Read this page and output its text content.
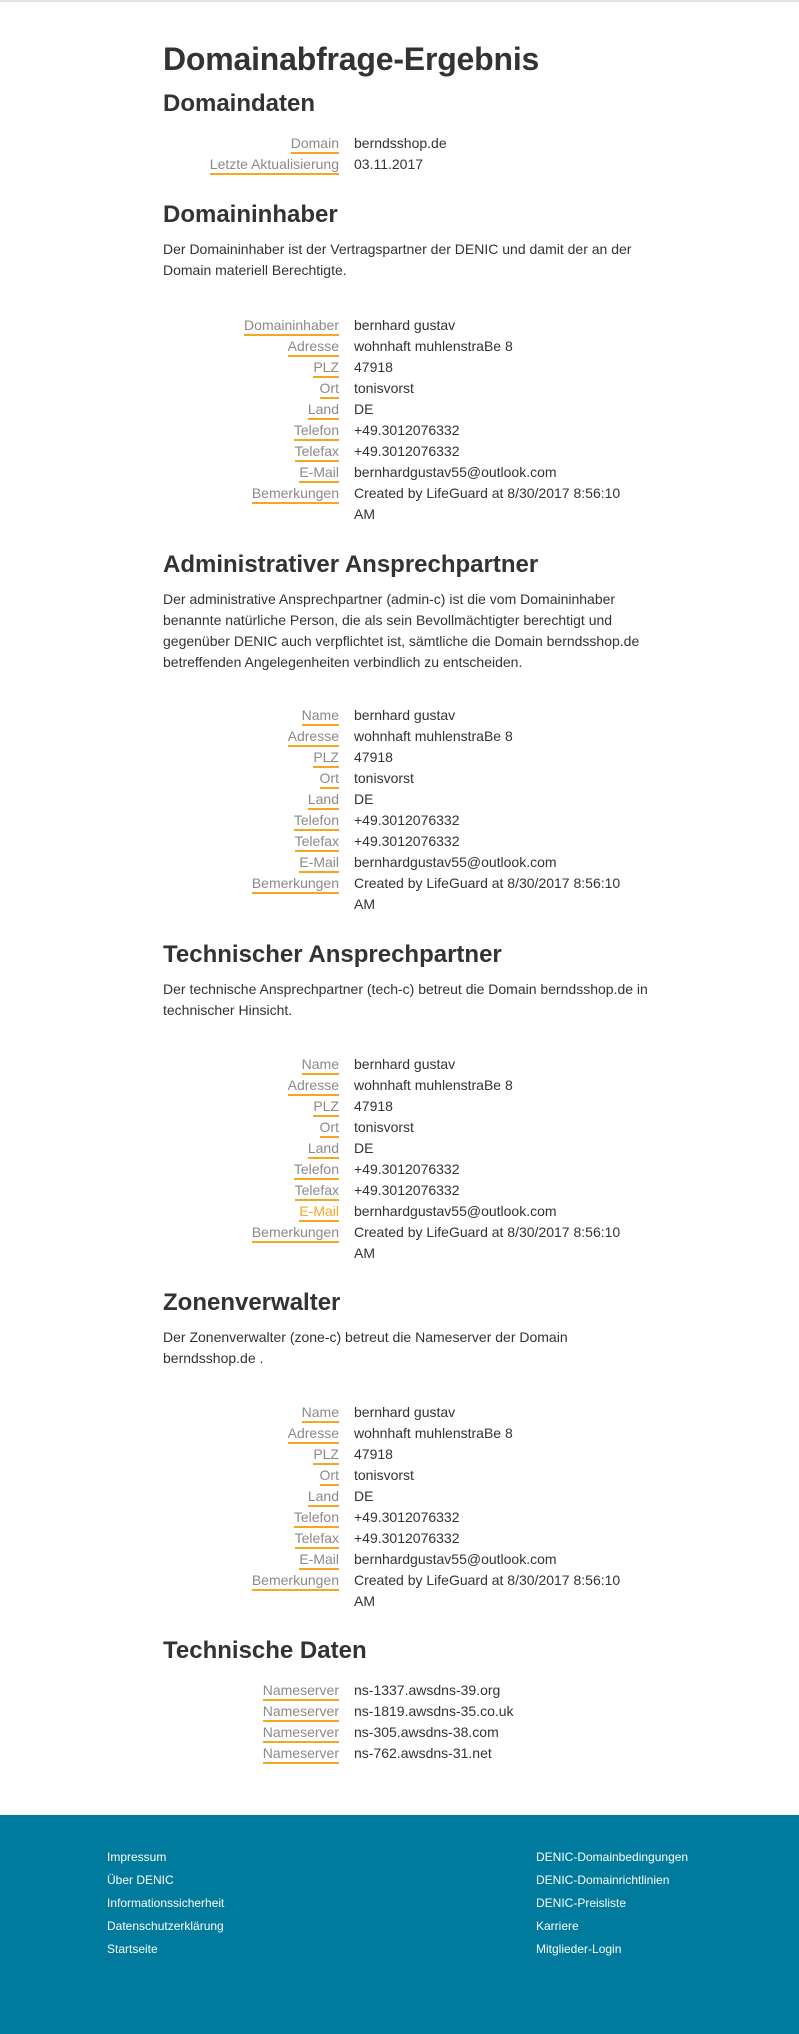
Domainabfrage-Ergebnis
Domaindaten
Domain berndsshop.de
Letzte Aktualisierung 03.11.2017
Domaininhaber

Der Domaininhaber ist der Vertragspartner der DENIC und damit der an der Domain materiell Berechtigte.

Domaininhaber bernhard gustav
Adresse wohnhaft muhlenstraBe 8
PLZ 47918
Ort tonisvorst
Land DE
Telefon +49.3012076332
Telefax +49.3012076332
E-Mail bernhardgustav55@outlook.com
Bemerkungen Created by LifeGuard at 8/30/2017 8:56:10 AM
Administrativer Ansprechpartner

Der administrative Ansprechpartner (admin-c) ist die vom Domaininhaber benannte natürliche Person, die als sein Bevollmächtigter berechtigt und gegenüber DENIC auch verpflichtet ist, sämtliche die Domain berndsshop.de betreffenden Angelegenheiten verbindlich zu entscheiden.

Name bernhard gustav
Adresse wohnhaft muhlenstraBe 8
PLZ 47918
Ort tonisvorst
Land DE
Telefon +49.3012076332
Telefax +49.3012076332
E-Mail bernhardgustav55@outlook.com
Bemerkungen Created by LifeGuard at 8/30/2017 8:56:10 AM
Technischer Ansprechpartner

Der technische Ansprechpartner (tech-c) betreut die Domain berndsshop.de in technischer Hinsicht.

Name bernhard gustav
Adresse wohnhaft muhlenstraBe 8
PLZ 47918
Ort tonisvorst
Land DE
Telefon +49.3012076332
Telefax +49.3012076332
E-Mail bernhardgustav55@outlook.com
Bemerkungen Created by LifeGuard at 8/30/2017 8:56:10 AM
Zonenverwalter

Der Zonenverwalter (zone-c) betreut die Nameserver der Domain berndsshop.de .

Name bernhard gustav
Adresse wohnhaft muhlenstraBe 8
PLZ 47918
Ort tonisvorst
Land DE
Telefon +49.3012076332
Telefax +49.3012076332
E-Mail bernhardgustav55@outlook.com
Bemerkungen Created by LifeGuard at 8/30/2017 8:56:10 AM
Technische Daten
Nameserver ns-1337.awsdns-39.org
Nameserver ns-1819.awsdns-35.co.uk
Nameserver ns-305.awsdns-38.com
Nameserver ns-762.awsdns-31.net
Impressum
Über DENIC
Informationssicherheit
Datenschutzerklärung
Startseite
DENIC-Domainbedingungen
DENIC-Domainrichtlinien
DENIC-Preisliste
Karriere
Mitglieder-Login
